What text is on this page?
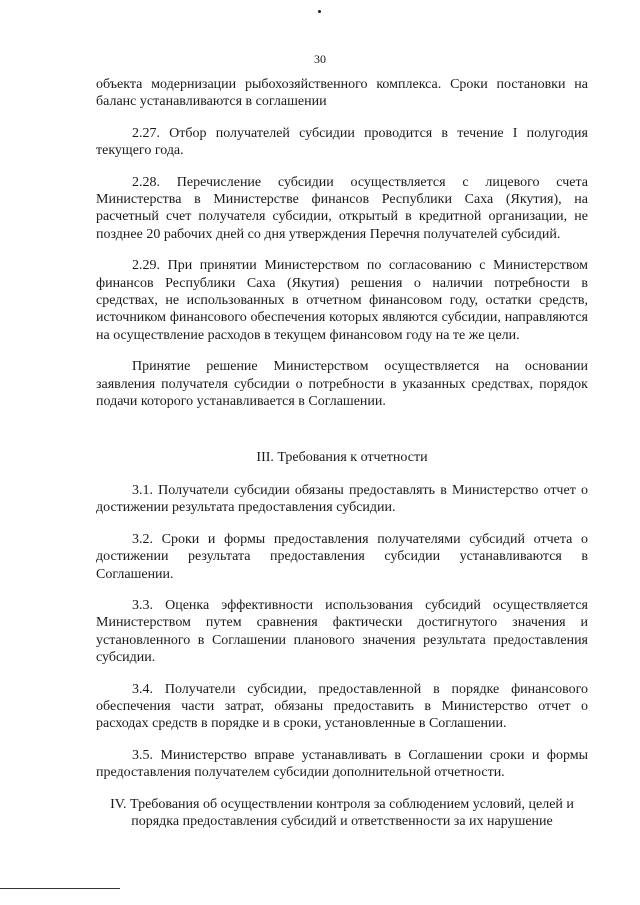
30

объекта модернизации рыбохозяйственного комплекса. Сроки постановки на баланс устанавливаются в соглашении

2.27. Отбор получателей субсидии проводится в течение I полугодия текущего года.

2.28. Перечисление субсидии осуществляется с лицевого счета Министерства в Министерстве финансов Республики Саха (Якутия), на расчетный счет получателя субсидии, открытый в кредитной организации, не позднее 20 рабочих дней со дня утверждения Перечня получателей субсидий.

2.29. При принятии Министерством по согласованию с Министерством финансов Республики Саха (Якутия) решения о наличии потребности в средствах, не использованных в отчетном финансовом году, остатки средств, источником финансового обеспечения которых являются субсидии, направляются на осуществление расходов в текущем финансовом году на те же цели.

Принятие решение Министерством осуществляется на основании заявления получателя субсидии о потребности в указанных средствах, порядок подачи которого устанавливается в Соглашении.

III. Требования к отчетности

3.1. Получатели субсидии обязаны предоставлять в Министерство отчет о достижении результата предоставления субсидии.

3.2. Сроки и формы предоставления получателями субсидий отчета о достижении результата предоставления субсидии устанавливаются в Соглашении.

3.3. Оценка эффективности использования субсидий осуществляется Министерством путем сравнения фактически достигнутого значения и установленного в Соглашении планового значения результата предоставления субсидии.

3.4. Получатели субсидии, предоставленной в порядке финансового обеспечения части затрат, обязаны предоставить в Министерство отчет о расходах средств в порядке и в сроки, установленные в Соглашении.

3.5. Министерство вправе устанавливать в Соглашении сроки и формы предоставления получателем субсидии дополнительной отчетности.

IV. Требования об осуществлении контроля за соблюдением условий, целей и порядка предоставления субсидий и ответственности за их нарушение
